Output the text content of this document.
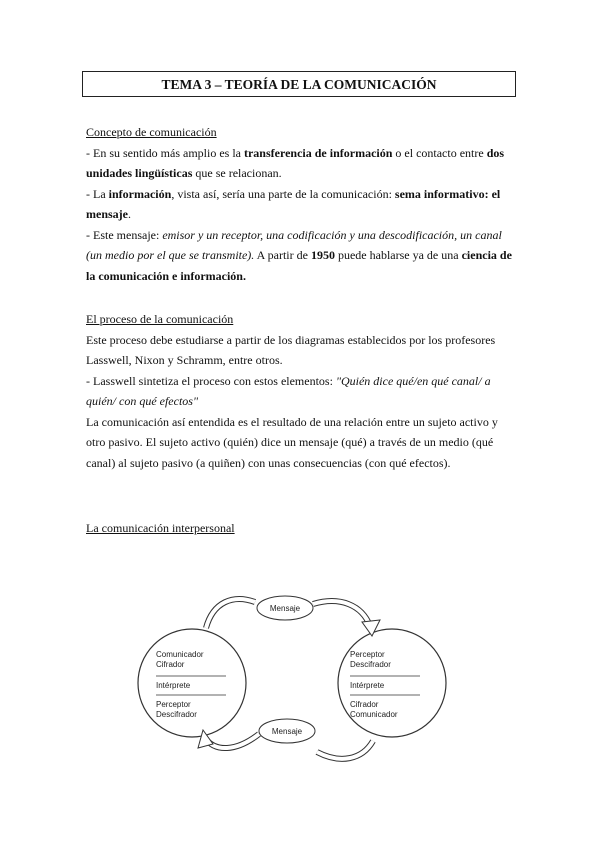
TEMA 3 – TEORÍA DE LA COMUNICACIÓN

Concepto de comunicación

- En su sentido más amplio es la transferencia de información o el contacto entre dos unidades lingüísticas que se relacionan.

- La información, vista así, sería una parte de la comunicación: sema informativo: el mensaje.

- Este mensaje: emisor y un receptor, una codificación y una descodificación, un canal (un medio por el que se transmite). A partir de 1950 puede hablarse ya de una ciencia de la comunicación e información.

El proceso de la comunicación

Este proceso debe estudiarse a partir de los diagramas establecidos por los profesores Lasswell, Nixon y Schramm, entre otros.

- Lasswell sintetiza el proceso con estos elementos: "Quién dice qué/en qué canal/ a quién/ con qué efectos"

La comunicación así entendida es el resultado de una relación entre un sujeto activo y otro pasivo. El sujeto activo (quién) dice un mensaje (qué) a través de un medio (qué canal) al sujeto pasivo (a quiñen) con unas consecuencias (con qué efectos).

La comunicación interpersonal

Comunicador
Cifrador
Intérprete
Perceptor
Descifrador
Perceptor
Descifrador
Intérprete
Cifrador
Comunicador
Mensaje
Mensaje
